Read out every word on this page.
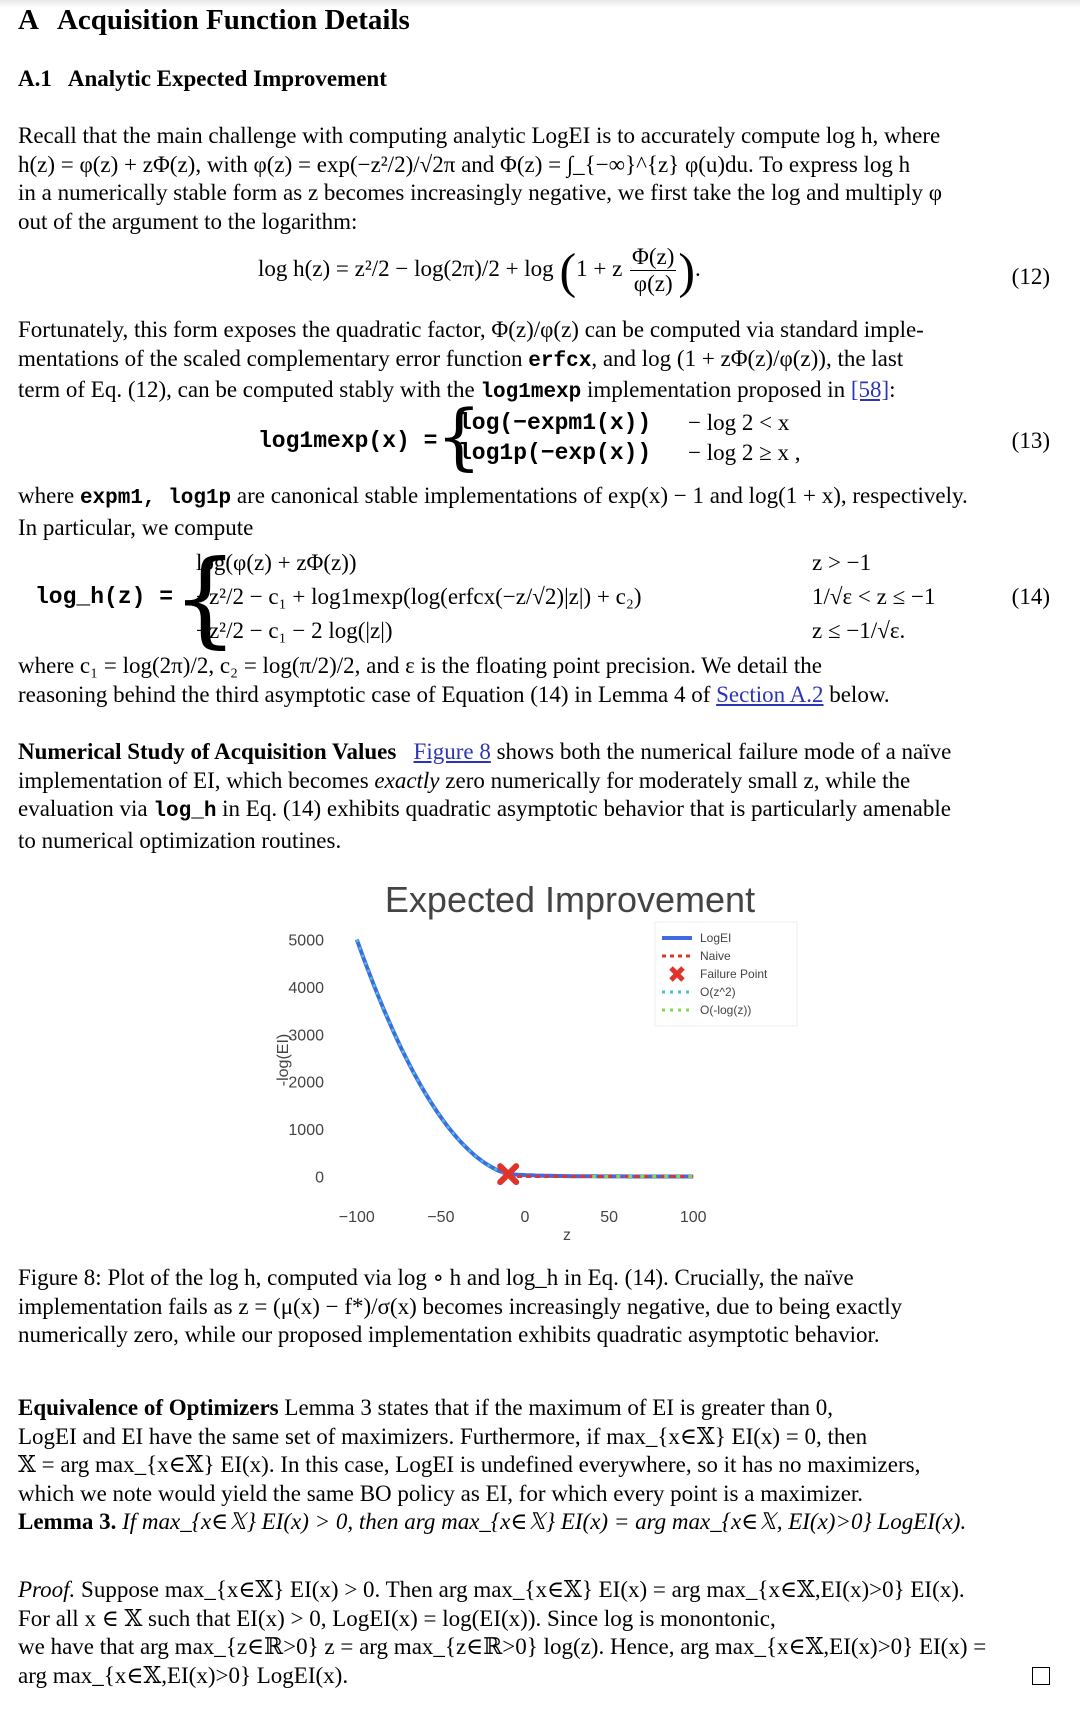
A Acquisition Function Details
A.1 Analytic Expected Improvement
Recall that the main challenge with computing analytic LogEI is to accurately compute log h, where
h(z) = φ(z) + zΦ(z), with φ(z) = exp(−z²/2)/√2π and Φ(z) = ∫_{−∞}^{z} φ(u)du. To express log h
in a numerically stable form as z becomes increasingly negative, we first take the log and multiply φ
out of the argument to the logarithm:
log h(z) = z²/2 − log(2π)/2 + log (1 + z $\frac{\Phi(z)}{\varphi(z)}$ ).	(12)
Fortunately, this form exposes the quadratic factor, Φ(z)/φ(z) can be computed via standard imple-
mentations of the scaled complementary error function erfcx, and log (1 + zΦ(z)/φ(z)), the last
term of Eq. (12), can be computed stably with the log1mexp implementation proposed in [58]:
log1mexp(x) =
{
log(−expm1(x)) − log 2 < x
log1p(−exp(x)) − log 2 ≥ x ,	(13)
where expm1, log1p are canonical stable implementations of exp(x) − 1 and log(1 + x), respectively.
In particular, we compute
log_h(z) =
{
log(φ(z) + zΦ(z))	z > −1
−z²/2 − c₁ + log1mexp(log(erfcx(−z/√2)|z|) + c₂)	1/√ε < z ≤ −1
−z²/2 − c₁ − 2 log(|z|)	z ≤ −1/√ε.
(14)
where c₁ = log(2π)/2, c₂ = log(π/2)/2, and ε is the floating point precision. We detail the
reasoning behind the third asymptotic case of Equation (14) in Lemma 4 of Section A.2 below.
Numerical Study of Acquisition Values Figure 8 shows both the numerical failure mode of a naïve
implementation of EI, which becomes exactly zero numerically for moderately small z, while the
evaluation via log_h in Eq. (14) exhibits quadratic asymptotic behavior that is particularly amenable
to numerical optimization routines.
Expected Improvement
-log(EI)
z
0
1000
2000
3000
4000
5000
−100	−50	0	50	100
LogEI
Naive
Failure Point
O(z^2)
O(-log(z))
Figure 8: Plot of the log h, computed via log ∘ h and log_h in Eq. (14). Crucially, the naïve
implementation fails as z = (μ(x) − f*)/σ(x) becomes increasingly negative, due to being exactly
numerically zero, while our proposed implementation exhibits quadratic asymptotic behavior.
Equivalence of Optimizers Lemma 3 states that if the maximum of EI is greater than 0,
LogEI and EI have the same set of maximizers. Furthermore, if max_{x∈𝕏} EI(x) = 0, then
𝕏 = arg max_{x∈𝕏} EI(x). In this case, LogEI is undefined everywhere, so it has no maximizers,
which we note would yield the same BO policy as EI, for which every point is a maximizer.
Lemma 3. If max_{x∈𝕏} EI(x) > 0, then arg max_{x∈𝕏} EI(x) = arg max_{x∈𝕏, EI(x)>0} LogEI(x).
Proof. Suppose max_{x∈𝕏} EI(x) > 0. Then arg max_{x∈𝕏} EI(x) = arg max_{x∈𝕏,EI(x)>0} EI(x).
For all x ∈ 𝕏 such that EI(x) > 0, LogEI(x) = log(EI(x)). Since log is monontonic,
we have that arg max_{z∈ℝ>0} z = arg max_{z∈ℝ>0} log(z). Hence, arg max_{x∈𝕏,EI(x)>0} EI(x) =
arg max_{x∈𝕏,EI(x)>0} LogEI(x).
